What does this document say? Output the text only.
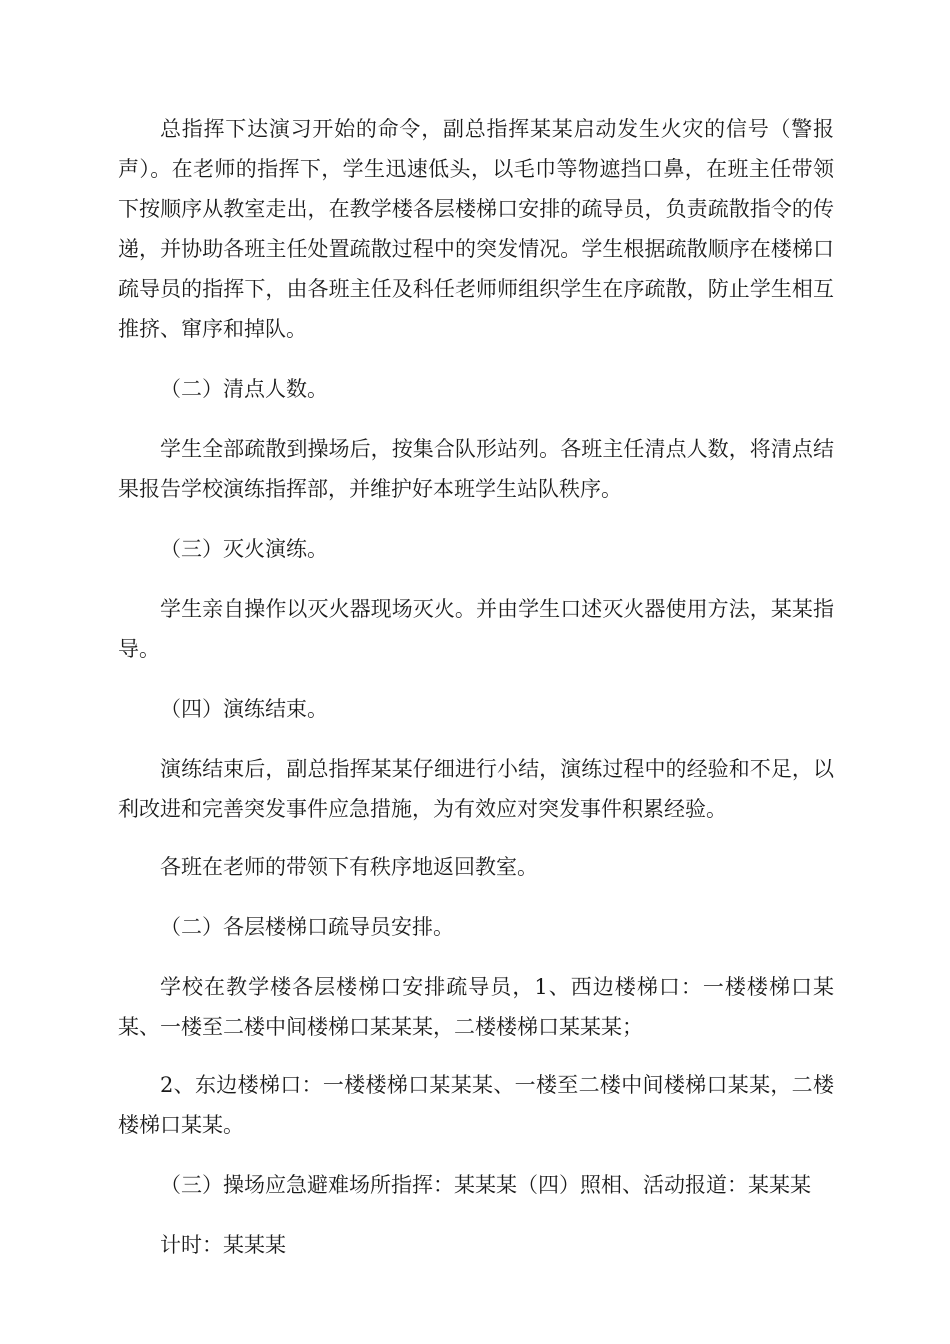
总指挥下达演习开始的命令，副总指挥某某启动发生火灾的信号（警报声）。在老师的指挥下，学生迅速低头，以毛巾等物遮挡口鼻，在班主任带领下按顺序从教室走出，在教学楼各层楼梯口安排的疏导员，负责疏散指令的传递，并协助各班主任处置疏散过程中的突发情况。学生根据疏散顺序在楼梯口疏导员的指挥下，由各班主任及科任老师师组织学生在序疏散，防止学生相互推挤、窜序和掉队。

（二）清点人数。

学生全部疏散到操场后，按集合队形站列。各班主任清点人数，将清点结果报告学校演练指挥部，并维护好本班学生站队秩序。

（三）灭火演练。

学生亲自操作以灭火器现场灭火。并由学生口述灭火器使用方法，某某指导。

（四）演练结束。

演练结束后，副总指挥某某仔细进行小结，演练过程中的经验和不足，以利改进和完善突发事件应急措施，为有效应对突发事件积累经验。

各班在老师的带领下有秩序地返回教室。

（二）各层楼梯口疏导员安排。

学校在教学楼各层楼梯口安排疏导员，1、西边楼梯口：一楼楼梯口某某、一楼至二楼中间楼梯口某某某，二楼楼梯口某某某；

2、东边楼梯口：一楼楼梯口某某某、一楼至二楼中间楼梯口某某，二楼楼梯口某某。

（三）操场应急避难场所指挥：某某某（四）照相、活动报道：某某某

计时：某某某
